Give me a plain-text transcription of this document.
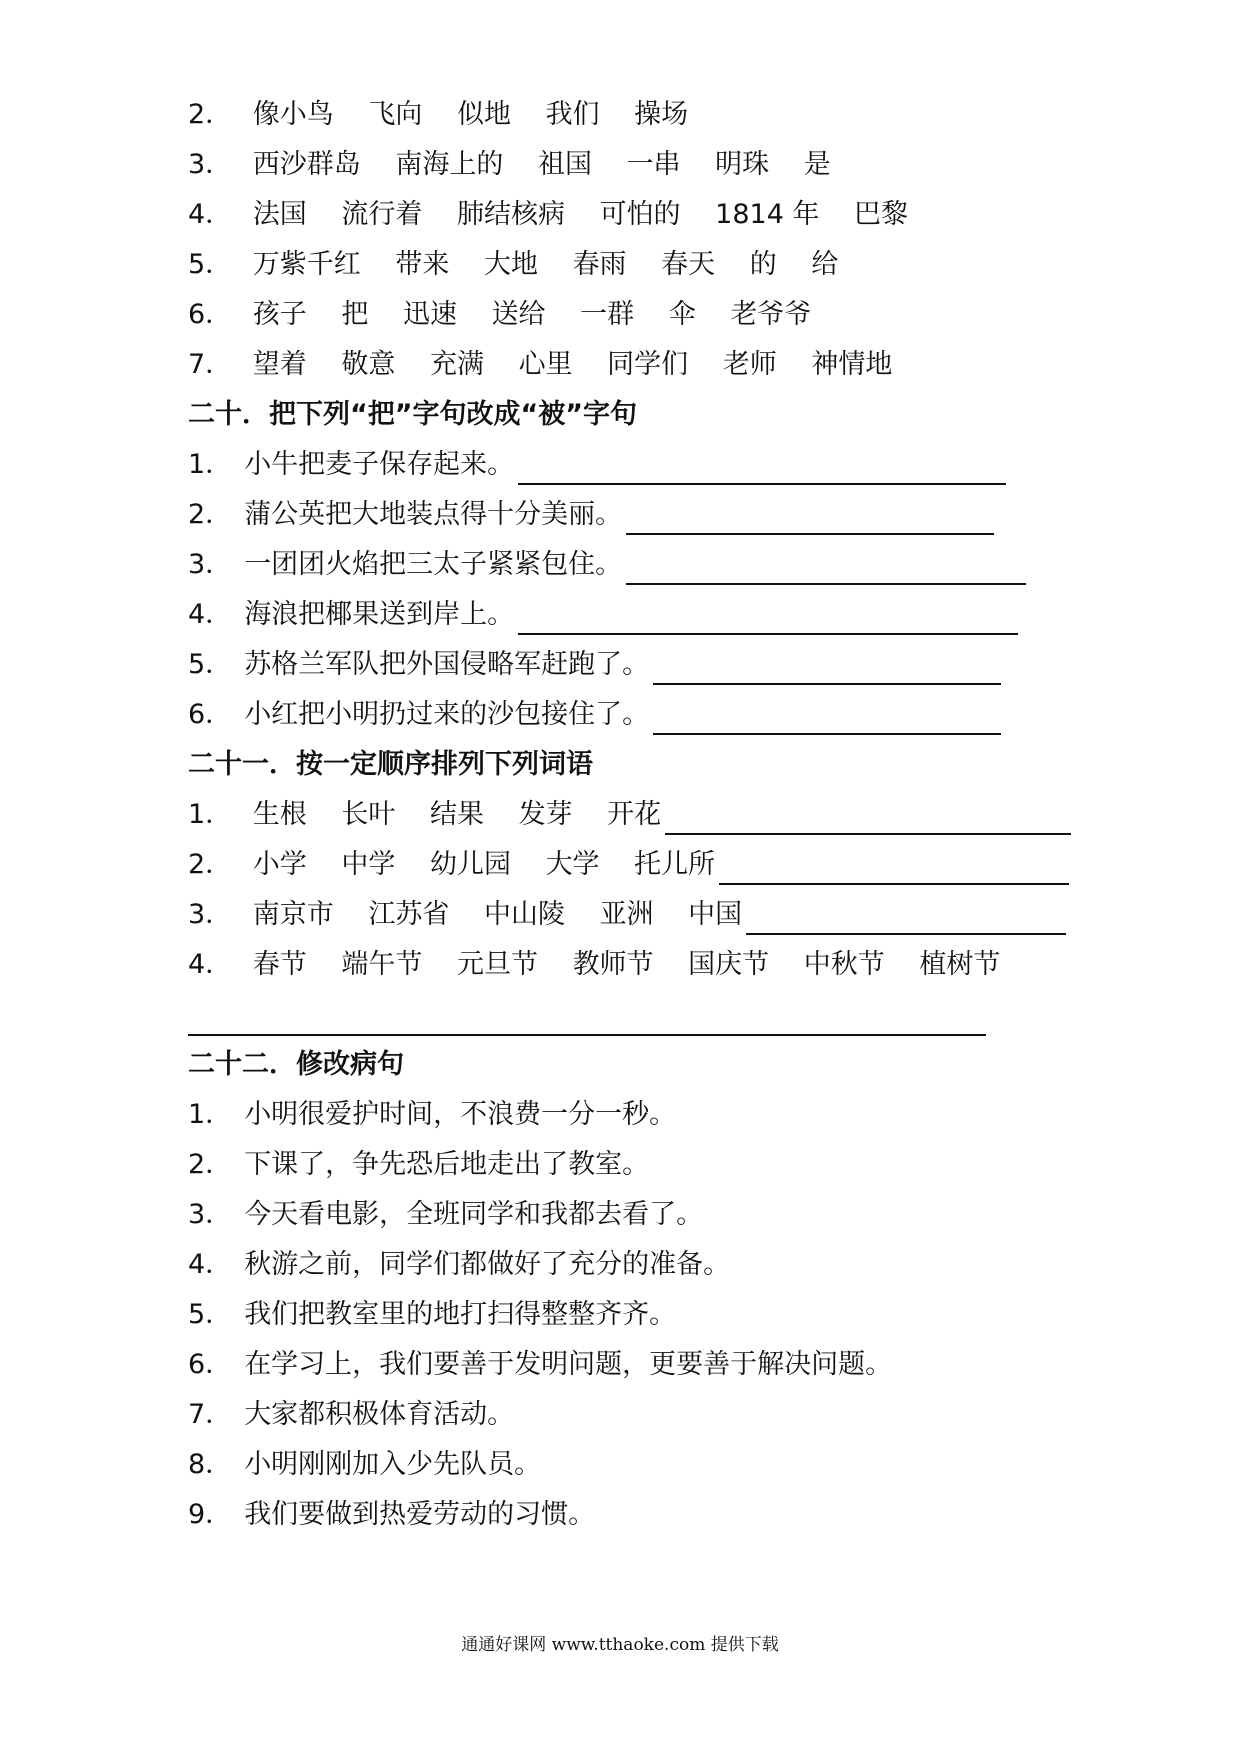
2． 像小鸟 飞向 似地 我们 操场
3． 西沙群岛 南海上的 祖国 一串 明珠 是
4． 法国 流行着 肺结核病 可怕的 1814 年 巴黎
5． 万紫千红 带来 大地 春雨 春天 的 给
6． 孩子 把 迅速 送给 一群 伞 老爷爷
7． 望着 敬意 充满 心里 同学们 老师 神情地
二十．把下列“把”字句改成“被”字句
1． 小牛把麦子保存起来。
2． 蒲公英把大地装点得十分美丽。
3． 一团团火焰把三太子紧紧包住。
4． 海浪把椰果送到岸上。
5． 苏格兰军队把外国侵略军赶跑了。
6． 小红把小明扔过来的沙包接住了。
二十一．按一定顺序排列下列词语
1． 生根 长叶 结果 发芽 开花
2． 小学 中学 幼儿园 大学 托儿所
3． 南京市 江苏省 中山陵 亚洲 中国
4． 春节 端午节 元旦节 教师节 国庆节 中秋节 植树节
二十二．修改病句
1． 小明很爱护时间，不浪费一分一秒。
2． 下课了，争先恐后地走出了教室。
3． 今天看电影，全班同学和我都去看了。
4． 秋游之前，同学们都做好了充分的准备。
5． 我们把教室里的地打扫得整整齐齐。
6． 在学习上，我们要善于发明问题，更要善于解决问题。
7． 大家都积极体育活动。
8． 小明刚刚加入少先队员。
9． 我们要做到热爱劳动的习惯。
通通好课网 www.tthaoke.com 提供下载
